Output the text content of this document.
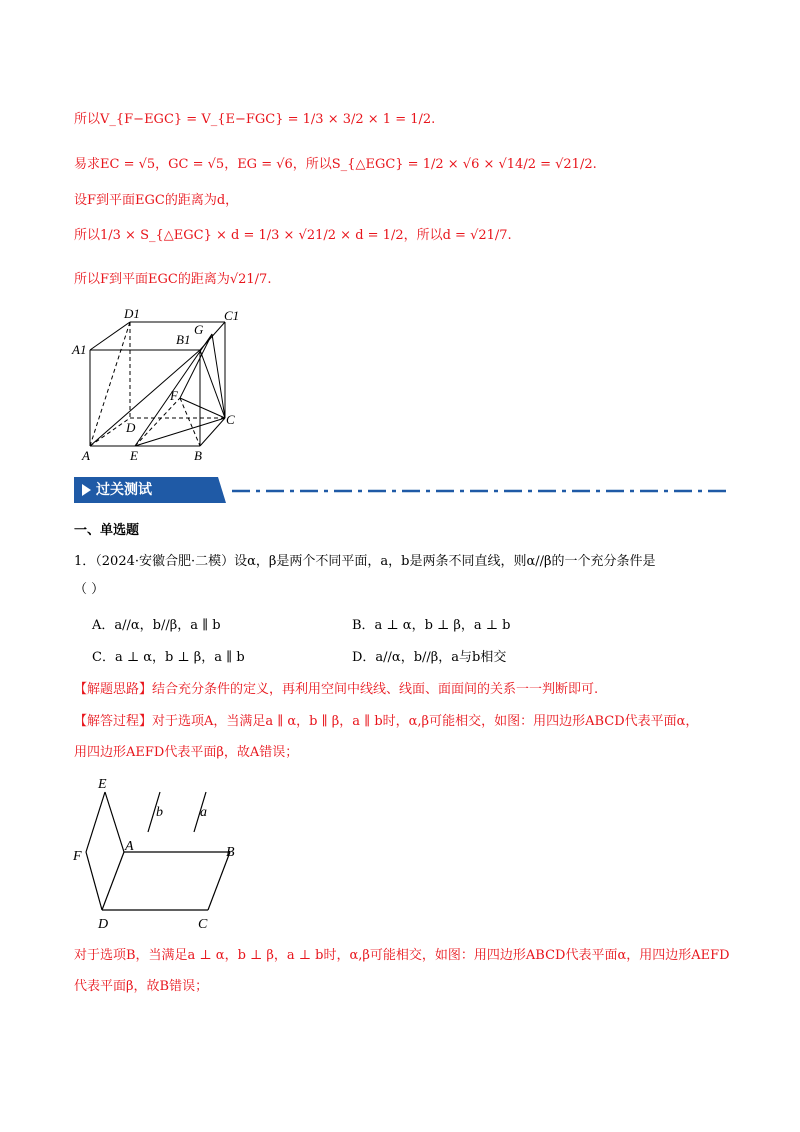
所以V_{F−EGC} = V_{E−FGC} = 1/3 × 3/2 × 1 = 1/2.
易求EC = √5，GC = √5，EG = √6，所以S_{△EGC} = 1/2 × √6 × √14/2 = √21/2.
设F到平面EGC的距离为d，
所以1/3 × S_{△EGC} × d = 1/3 × √21/2 × d = 1/2，所以d = √21/7.
所以F到平面EGC的距离为√21/7.
A1
D1
B1
C1
G
F
D
C
A	E	B
过关测试
一、单选题
1．（2024·安徽合肥·二模）设α，β是两个不同平面，a，b是两条不同直线，则α//β的一个充分条件是
（ ）
A．a//α，b//β，a ∥ b	B．a ⊥ α，b ⊥ β，a ⊥ b
C．a ⊥ α，b ⊥ β，a ∥ b	D．a//α，b//β，a与b相交
【解题思路】结合充分条件的定义，再利用空间中线线、线面、面面间的关系一一判断即可.
【解答过程】对于选项A，当满足a ∥ α，b ∥ β，a ∥ b时，α,β可能相交，如图：用四边形ABCD代表平面α，
用四边形AEFD代表平面β，故A错误；
E
F
A	B
C
D
a
b
对于选项B，当满足a ⊥ α，b ⊥ β，a ⊥ b时，α,β可能相交，如图：用四边形ABCD代表平面α，用四边形AEFD
代表平面β，故B错误；
